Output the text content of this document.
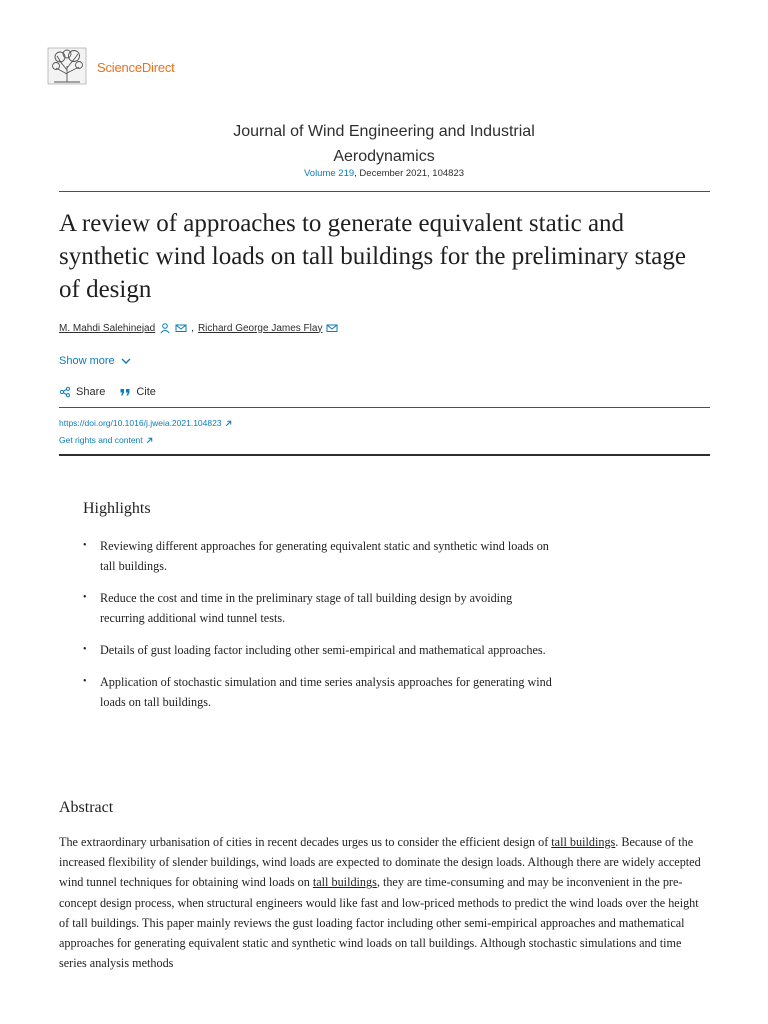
ScienceDirect
Journal of Wind Engineering and Industrial
Aerodynamics
Volume 219, December 2021, 104823
A review of approaches to generate equivalent static and synthetic wind loads on tall buildings for the preliminary stage of design
M. Mahdi Salehinejad	, Richard George James Flay
Show more
Share	Cite
https://doi.org/10.1016/j.jweia.2021.104823
Get rights and content
Highlights
• Reviewing different approaches for generating equivalent static and synthetic wind loads on tall buildings.
• Reduce the cost and time in the preliminary stage of tall building design by avoiding recurring additional wind tunnel tests.
• Details of gust loading factor including other semi-empirical and mathematical approaches.
• Application of stochastic simulation and time series analysis approaches for generating wind loads on tall buildings.
Abstract

The extraordinary urbanisation of cities in recent decades urges us to consider the efficient design of tall buildings. Because of the increased flexibility of slender buildings, wind loads are expected to dominate the design loads. Although there are widely accepted wind tunnel techniques for obtaining wind loads on tall buildings, they are time-consuming and may be inconvenient in the pre-concept design process, when structural engineers would like fast and low-priced methods to predict the wind loads over the height of tall buildings. This paper mainly reviews the gust loading factor including other semi-empirical approaches and mathematical approaches for generating equivalent static and synthetic wind loads on tall buildings. Although stochastic simulations and time series analysis methods
